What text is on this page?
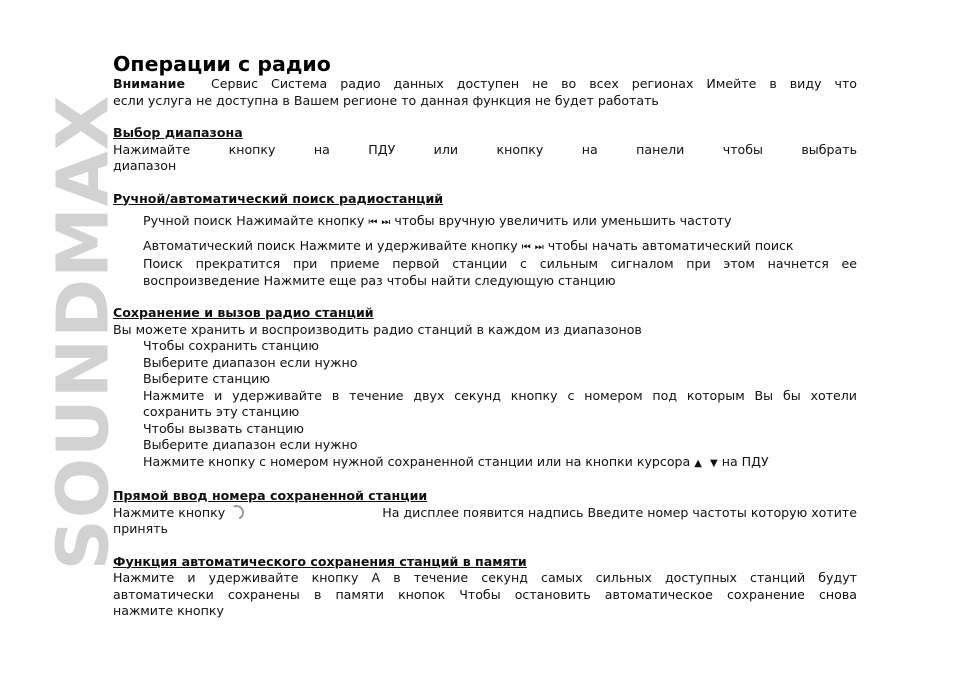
SOUNDMAX
Операции с радио

Внимание Сервис Система радио данных доступен не во всех регионах Имейте в виду что

если услуга не доступна в Вашем регионе то данная функция не будет работать

Выбор диапазона

Нажимайте кнопку на ПДУ или кнопку на панели чтобы выбрать

диапазон

Ручной/автоматический поиск радиостанций

Ручной поиск Нажимайте кнопку ⏮ ⏭ чтобы вручную увеличить или уменьшить частоту

Автоматический поиск Нажмите и удерживайте кнопку ⏮ ⏭ чтобы начать автоматический поиск

Поиск прекратится при приеме первой станции с сильным сигналом при этом начнется ее

воспроизведение Нажмите еще раз чтобы найти следующую станцию

Сохранение и вызов радио станций

Вы можете хранить и воспроизводить радио станций в каждом из диапазонов

Чтобы сохранить станцию

Выберите диапазон если нужно

Выберите станцию

Нажмите и удерживайте в течение двух секунд кнопку с номером под которым Вы бы хотели

сохранить эту станцию

Чтобы вызвать станцию

Выберите диапазон если нужно

Нажмите кнопку с номером нужной сохраненной станции или на кнопки курсора ▲ ▼ на ПДУ

Прямой ввод номера сохраненной станции

Нажмите кнопку
	На дисплее появится надпись Введите номер частоты которую хотите

принять

Функция автоматического сохранения станций в памяти

Нажмите и удерживайте кнопку А в течение секунд самых сильных доступных станций будут

автоматически сохранены в памяти кнопок Чтобы остановить автоматическое сохранение снова

нажмите кнопку
